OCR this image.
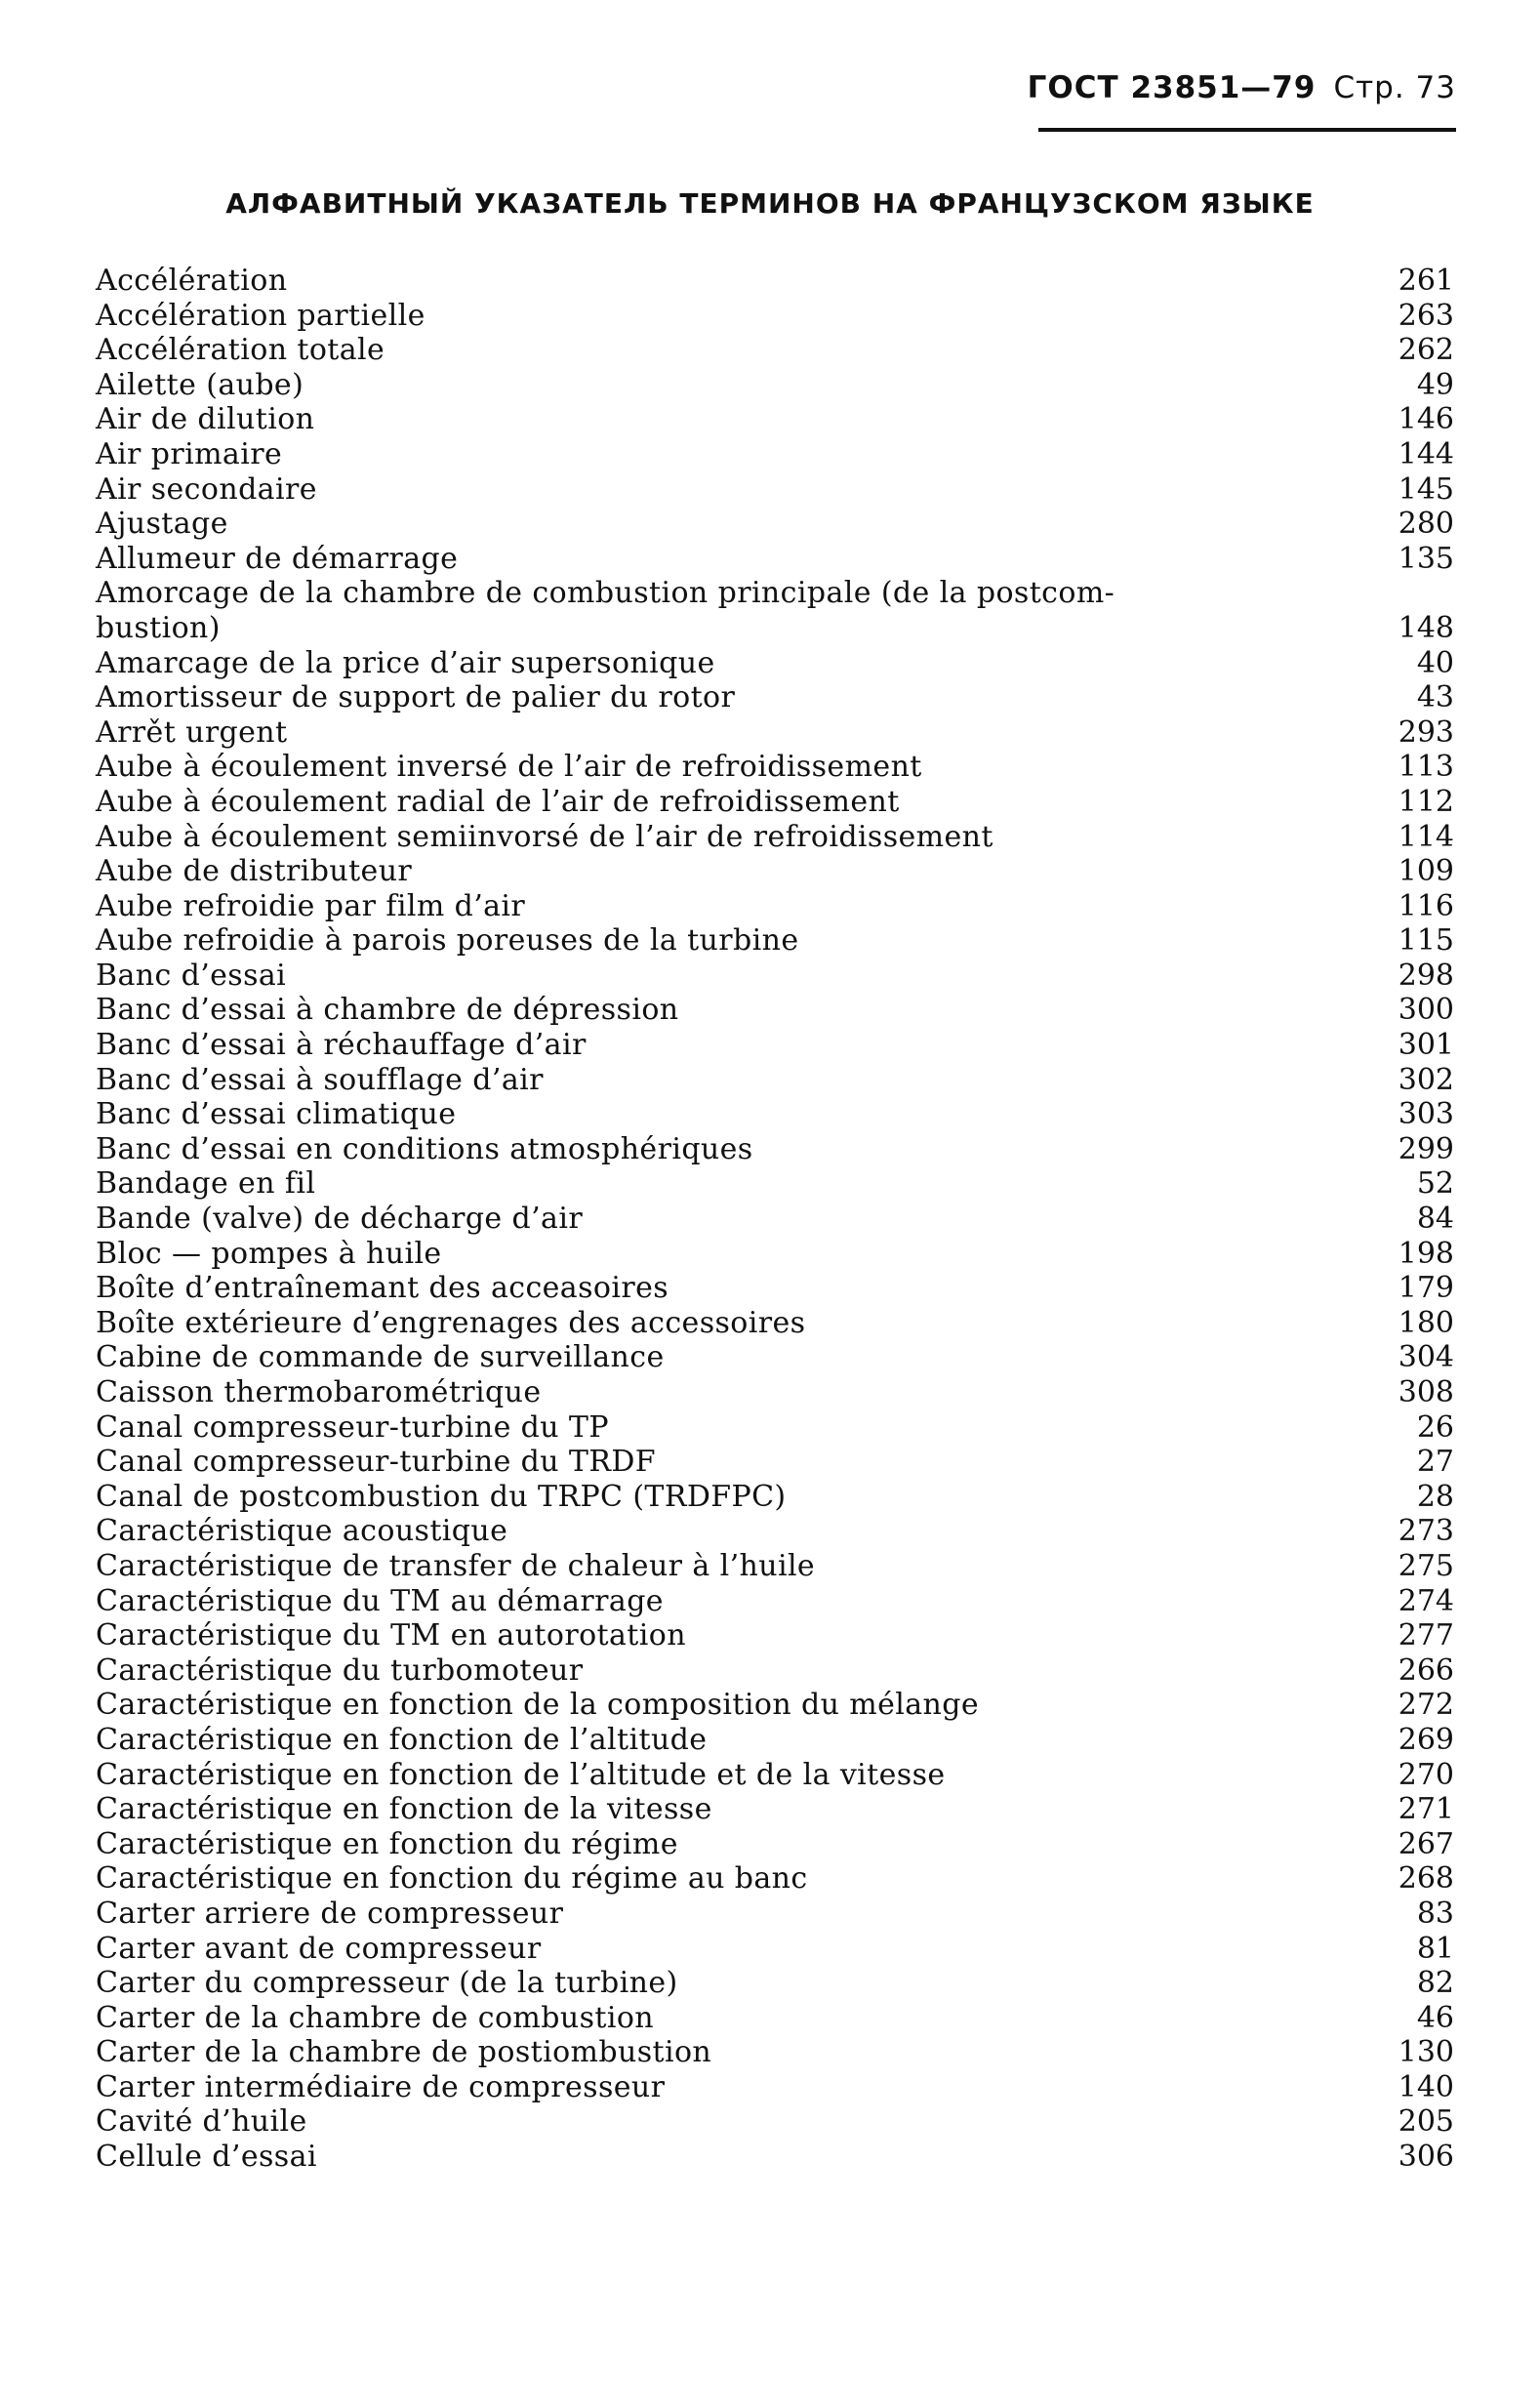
ГОСТ 23851—79 Стр. 73
АЛФАВИТНЫЙ УКАЗАТЕЛЬ ТЕРМИНОВ НА ФРАНЦУЗСКОМ ЯЗЫКЕ
Accélération	261
Accélération partielle	263
Accélération totale	262
Ailette (aube)	49
Air de dilution	146
Air primaire	144
Air secondaire	145
Ajustage	280
Allumeur de démarrage	135
Amorcage de la chambre de combustion principale (de la postcom-
bustion)	148
Amarcage de la price d’air supersonique	40
Amortisseur de support de palier du rotor	43
Arrět urgent	293
Aube à écoulement inversé de l’air de refroidissement	113
Aube à écoulement radial de l’air de refroidissement	112
Aube à écoulement semiinvorsé de l’air de refroidissement	114
Aube de distributeur	109
Aube refroidie par film d’air	116
Aube refroidie à parois poreuses de la turbine	115
Banc d’essai	298
Banc d’essai à chambre de dépression	300
Banc d’essai à réchauffage d’air	301
Banc d’essai à soufflage d’air	302
Banc d’essai climatique	303
Banc d’essai en conditions atmosphériques	299
Bandage en fil	52
Bande (valve) de décharge d’air	84
Bloc — pompes à huile	198
Boîte d’entraînemant des acceasoires	179
Boîte extérieure d’engrenages des accessoires	180
Cabine de commande de surveillance	304
Caisson thermobarométrique	308
Canal compresseur-turbine du TP	26
Canal compresseur-turbine du TRDF	27
Canal de postcombustion du TRPC (TRDFPC)	28
Caractéristique acoustique	273
Caractéristique de transfer de chaleur à l’huile	275
Caractéristique du TM au démarrage	274
Caractéristique du TM en autorotation	277
Caractéristique du turbomoteur	266
Caractéristique en fonction de la composition du mélange	272
Caractéristique en fonction de l’altitude	269
Caractéristique en fonction de l’altitude et de la vitesse	270
Caractéristique en fonction de la vitesse	271
Caractéristique en fonction du régime	267
Caractéristique en fonction du régime au banc	268
Carter arriere de compresseur	83
Carter avant de compresseur	81
Carter du compresseur (de la turbine)	82
Carter de la chambre de combustion	46
Carter de la chambre de postiombustion	130
Carter intermédiaire de compresseur	140
Cavité d’huile	205
Cellule d’essai	306
